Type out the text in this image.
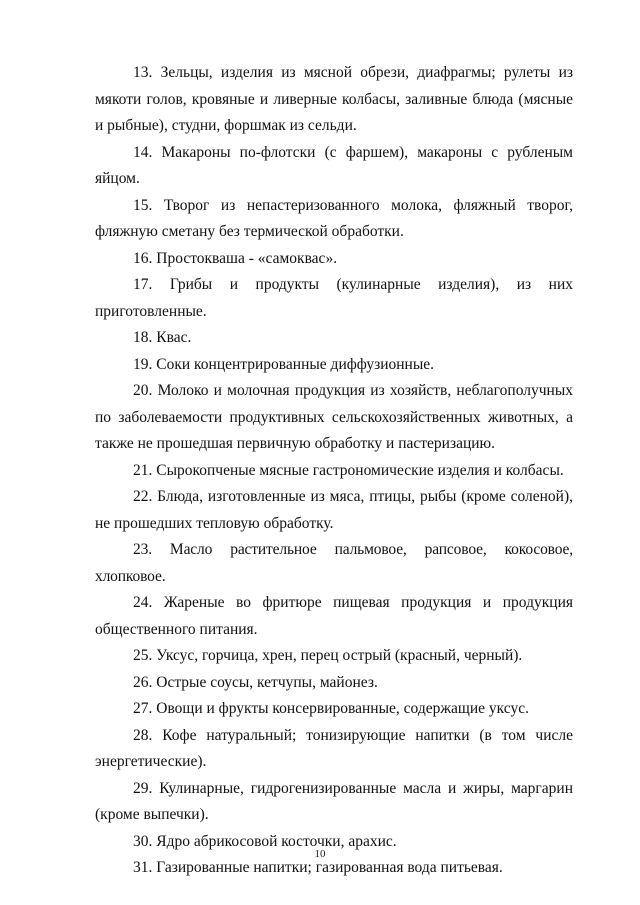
13. Зельцы, изделия из мясной обрези, диафрагмы; рулеты из мякоти голов, кровяные и ливерные колбасы, заливные блюда (мясные и рыбные), студни, форшмак из сельди.

14. Макароны по-флотски (с фаршем), макароны с рубленым яйцом.

15. Творог из непастеризованного молока, фляжный творог, фляжную сметану без термической обработки.

16. Простокваша - «самоквас».

17. Грибы и продукты (кулинарные изделия), из них приготовленные.

18. Квас.

19. Соки концентрированные диффузионные.

20. Молоко и молочная продукция из хозяйств, неблагополучных по заболеваемости продуктивных сельскохозяйственных животных, а также не прошедшая первичную обработку и пастеризацию.

21. Сырокопченые мясные гастрономические изделия и колбасы.

22. Блюда, изготовленные из мяса, птицы, рыбы (кроме соленой), не прошедших тепловую обработку.

23. Масло растительное пальмовое, рапсовое, кокосовое, хлопковое.

24. Жареные во фритюре пищевая продукция и продукция общественного питания.

25. Уксус, горчица, хрен, перец острый (красный, черный).

26. Острые соусы, кетчупы, майонез.

27. Овощи и фрукты консервированные, содержащие уксус.

28. Кофе натуральный; тонизирующие напитки (в том числе энергетические).

29. Кулинарные, гидрогенизированные масла и жиры, маргарин (кроме выпечки).

30. Ядро абрикосовой косточки, арахис.

31. Газированные напитки; газированная вода питьевая.

10
